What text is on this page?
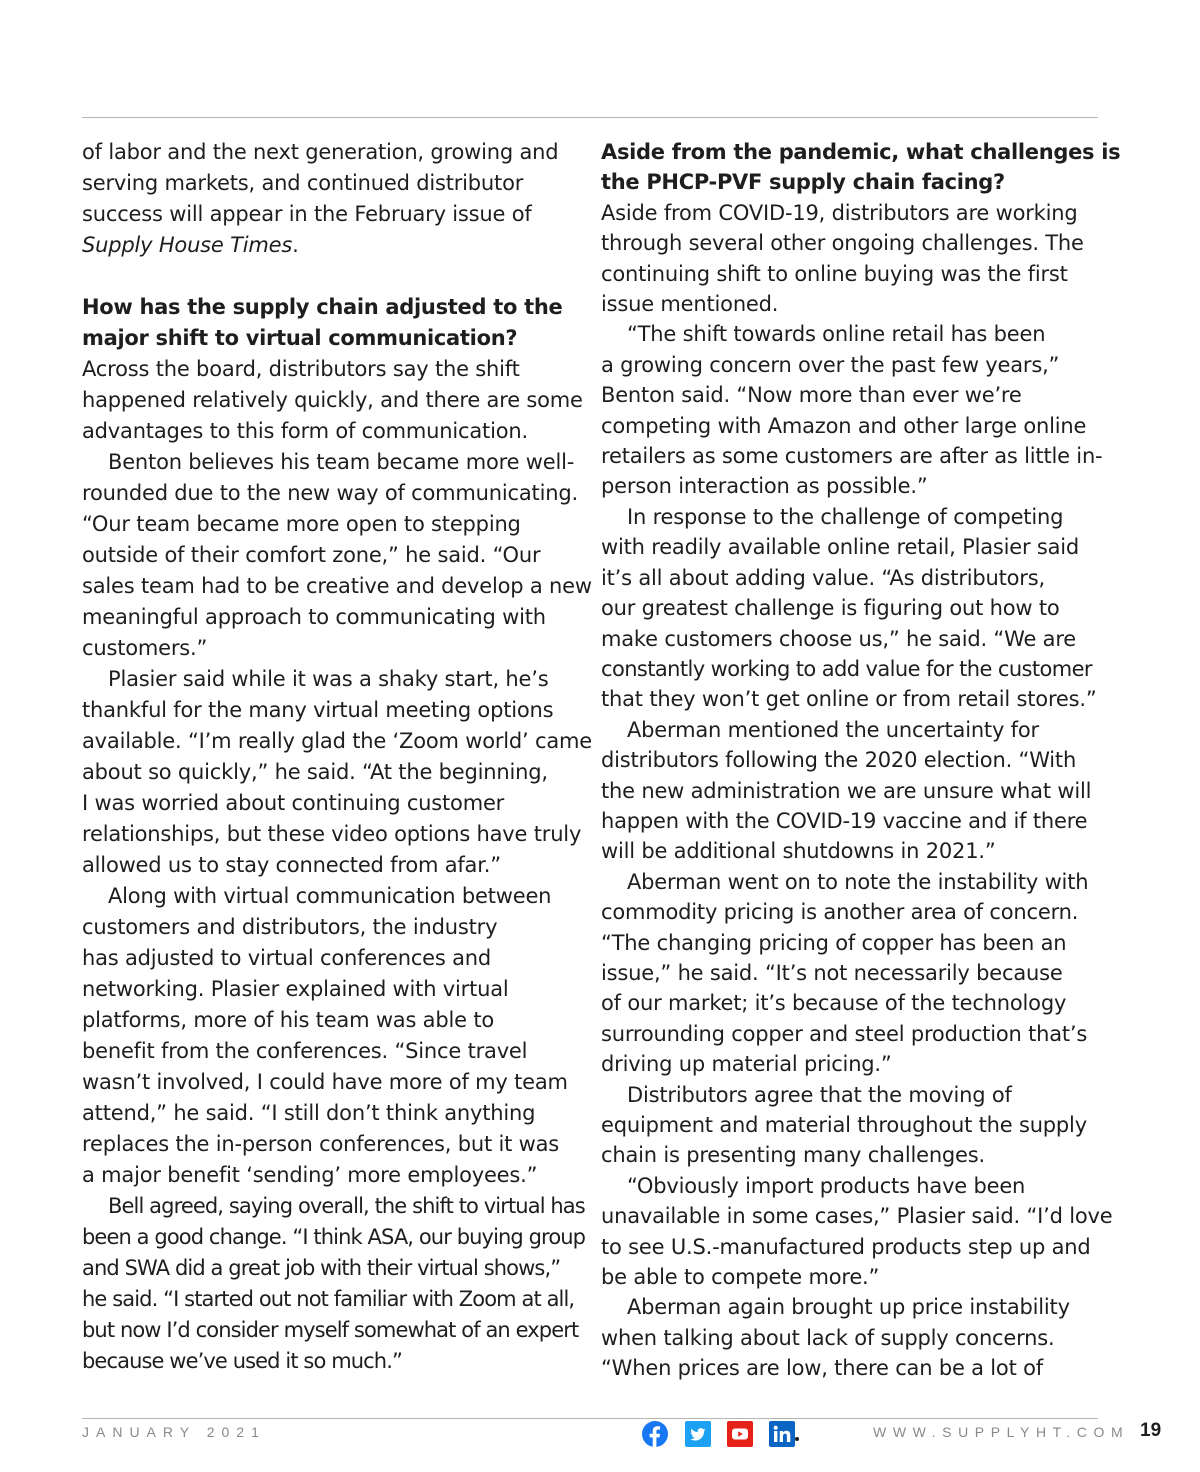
of labor and the next generation, growing and
serving markets, and continued distributor
success will appear in the February issue of
Supply House Times.

How has the supply chain adjusted to the
major shift to virtual communication?

Across the board, distributors say the shift
happened relatively quickly, and there are some
advantages to this form of communication.

Benton believes his team became more well-
rounded due to the new way of communicating.
“Our team became more open to stepping
outside of their comfort zone,” he said. “Our
sales team had to be creative and develop a new
meaningful approach to communicating with
customers.”

Plasier said while it was a shaky start, he’s
thankful for the many virtual meeting options
available. “I’m really glad the ‘Zoom world’ came
about so quickly,” he said. “At the beginning,
I was worried about continuing customer
relationships, but these video options have truly
allowed us to stay connected from afar.”

Along with virtual communication between
customers and distributors, the industry
has adjusted to virtual conferences and
networking. Plasier explained with virtual
platforms, more of his team was able to
benefit from the conferences. “Since travel
wasn’t involved, I could have more of my team
attend,” he said. “I still don’t think anything
replaces the in-person conferences, but it was
a major benefit ‘sending’ more employees.”

Bell agreed, saying overall, the shift to virtual has
been a good change. “I think ASA, our buying group
and SWA did a great job with their virtual shows,”
he said. “I started out not familiar with Zoom at all,
but now I’d consider myself somewhat of an expert
because we’ve used it so much.”

Aside from the pandemic, what challenges is
the PHCP-PVF supply chain facing?

Aside from COVID-19, distributors are working
through several other ongoing challenges. The
continuing shift to online buying was the first
issue mentioned.

“The shift towards online retail has been
a growing concern over the past few years,”
Benton said. “Now more than ever we’re
competing with Amazon and other large online
retailers as some customers are after as little in-
person interaction as possible.”

In response to the challenge of competing
with readily available online retail, Plasier said
it’s all about adding value. “As distributors,
our greatest challenge is figuring out how to
make customers choose us,” he said. “We are
constantly working to add value for the customer
that they won’t get online or from retail stores.”

Aberman mentioned the uncertainty for
distributors following the 2020 election. “With
the new administration we are unsure what will
happen with the COVID-19 vaccine and if there
will be additional shutdowns in 2021.”

Aberman went on to note the instability with
commodity pricing is another area of concern.
“The changing pricing of copper has been an
issue,” he said. “It’s not necessarily because
of our market; it’s because of the technology
surrounding copper and steel production that’s
driving up material pricing.”

Distributors agree that the moving of
equipment and material throughout the supply
chain is presenting many challenges.

“Obviously import products have been
unavailable in some cases,” Plasier said. “I’d love
to see U.S.-manufactured products step up and
be able to compete more.”

Aberman again brought up price instability
when talking about lack of supply concerns.
“When prices are low, there can be a lot of

JANUARY 2021	WWW.SUPPLYHT.COM 19
